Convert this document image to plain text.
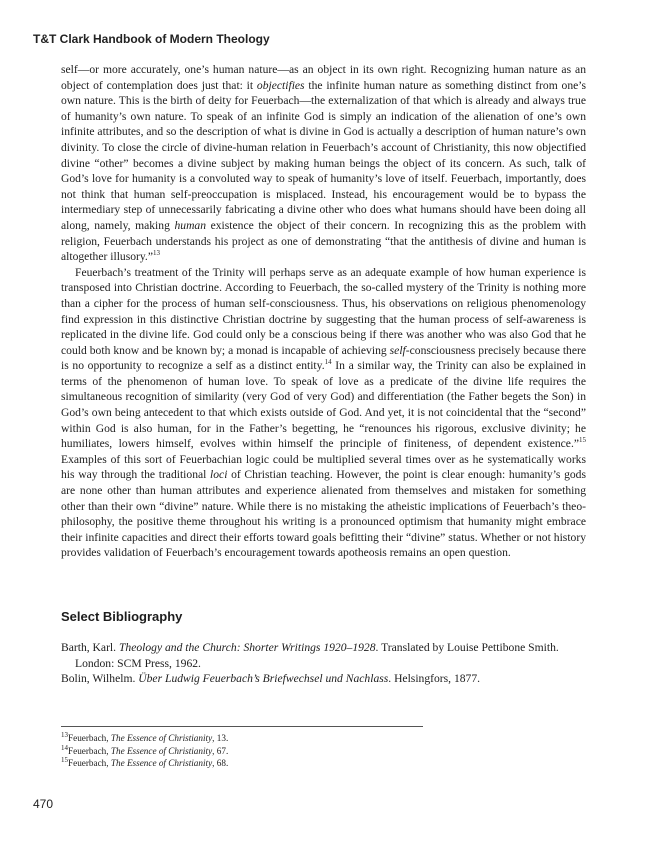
T&T Clark Handbook of Modern Theology

self—or more accurately, one’s human nature—as an object in its own right. Recognizing human nature as an object of contemplation does just that: it objectifies the infinite human nature as something distinct from one’s own nature. This is the birth of deity for Feuerbach—the externalization of that which is already and always true of humanity’s own nature. To speak of an infinite God is simply an indication of the alienation of one’s own infinite attributes, and so the description of what is divine in God is actually a description of human nature’s own divinity. To close the circle of divine-human relation in Feuerbach’s account of Christianity, this now objectified divine “other” becomes a divine subject by making human beings the object of its concern. As such, talk of God’s love for humanity is a convoluted way to speak of humanity’s love of itself. Feuerbach, importantly, does not think that human self-preoccupation is misplaced. Instead, his encouragement would be to bypass the intermediary step of unnecessarily fabricating a divine other who does what humans should have been doing all along, namely, making human existence the object of their concern. In recognizing this as the problem with religion, Feuerbach understands his project as one of demonstrating “that the antithesis of divine and human is altogether illusory.”$^{13}$

Feuerbach’s treatment of the Trinity will perhaps serve as an adequate example of how human experience is transposed into Christian doctrine. According to Feuerbach, the so-called mystery of the Trinity is nothing more than a cipher for the process of human self-consciousness. Thus, his observations on religious phenomenology find expression in this distinctive Christian doctrine by suggesting that the human process of self-awareness is replicated in the divine life. God could only be a conscious being if there was another who was also God that he could both know and be known by; a monad is incapable of achieving self-consciousness precisely because there is no opportunity to recognize a self as a distinct entity.$^{14}$ In a similar way, the Trinity can also be explained in terms of the phenomenon of human love. To speak of love as a predicate of the divine life requires the simultaneous recognition of similarity (very God of very God) and differentiation (the Father begets the Son) in God’s own being antecedent to that which exists outside of God. And yet, it is not coincidental that the “second” within God is also human, for in the Father’s begetting, he “renounces his rigorous, exclusive divinity; he humiliates, lowers himself, evolves within himself the principle of finiteness, of dependent existence.”$^{15}$ Examples of this sort of Feuerbachian logic could be multiplied several times over as he systematically works his way through the traditional loci of Christian teaching. However, the point is clear enough: humanity’s gods are none other than human attributes and experience alienated from themselves and mistaken for something other than their own “divine” nature. While there is no mistaking the atheistic implications of Feuerbach’s theo-philosophy, the positive theme throughout his writing is a pronounced optimism that humanity might embrace their infinite capacities and direct their efforts toward goals befitting their “divine” status. Whether or not history provides validation of Feuerbach’s encouragement towards apotheosis remains an open question.

Select Bibliography

Barth, Karl. Theology and the Church: Shorter Writings 1920–1928. Translated by Louise Pettibone Smith. London: SCM Press, 1962.

Bolin, Wilhelm. Über Ludwig Feuerbach’s Briefwechsel und Nachlass. Helsingfors, 1877.

$^{13}$Feuerbach, The Essence of Christianity, 13.

$^{14}$Feuerbach, The Essence of Christianity, 67.

$^{15}$Feuerbach, The Essence of Christianity, 68.

470
